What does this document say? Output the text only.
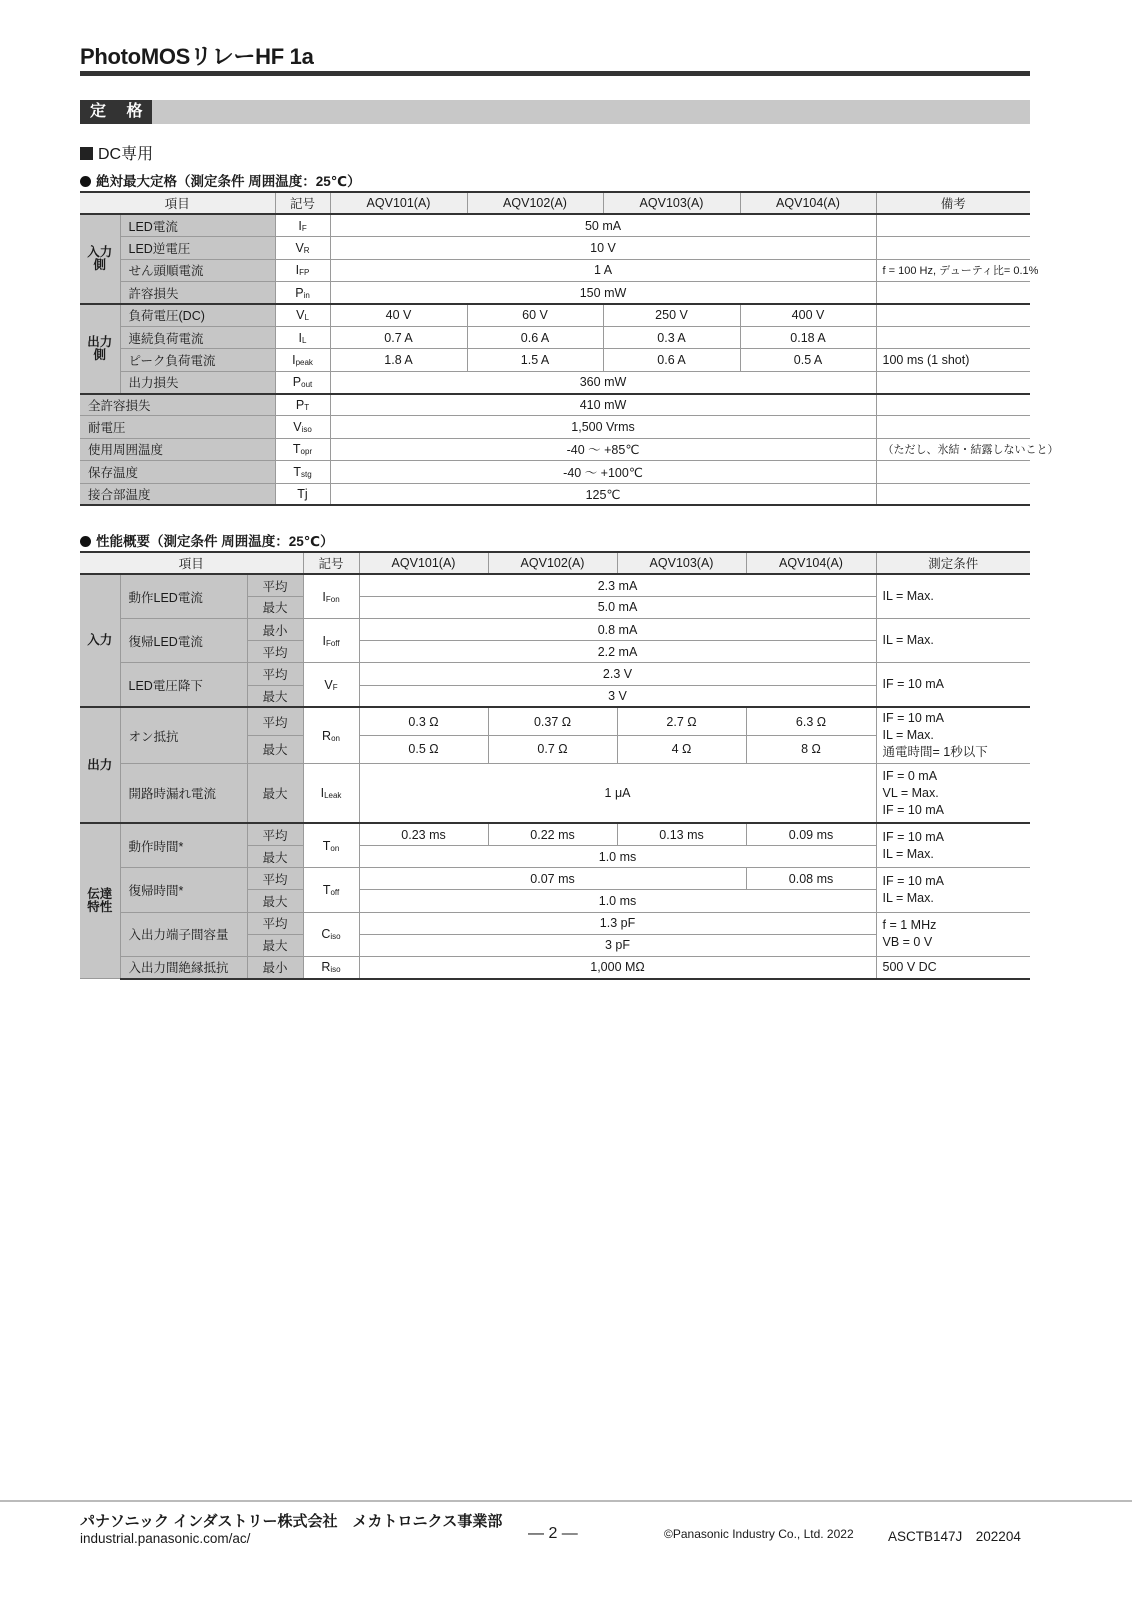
PhotoMOSリレーHF 1a
定 格
DC専用
絶対最大定格（測定条件 周囲温度：25℃）
項目		記号	AQV101(A)	AQV102(A)	AQV103(A)	AQV104(A)	備考
入力側	LED電流	$I_F$	50 mA				
	LED逆電圧	$V_R$	10 V				
	せん頭順電流	$I_{FP}$	1 A				f = 100 Hz, デューティ比= 0.1%
	許容損失	$P_{in}$	150 mW				
出力側	負荷電圧(DC)	$V_L$	40 V	60 V	250 V	400 V	
	連続負荷電流	$I_L$	0.7 A	0.6 A	0.3 A	0.18 A	
	ピーク負荷電流	$I_{peak}$	1.8 A	1.5 A	0.6 A	0.5 A	100 ms (1 shot)
	出力損失	$P_{out}$	360 mW				
全許容損失		$P_T$	410 mW				
耐電圧		$V_{iso}$	1,500 Vrms				
使用周囲温度		$T_{opr}$	-40 ～ +85℃				（ただし、氷結・結露しないこと）
保存温度		$T_{stg}$	-40 ～ +100℃				
接合部温度		Tj	125℃				
性能概要（測定条件 周囲温度：25℃）
項目			記号	AQV101(A)	AQV102(A)	AQV103(A)	AQV104(A)	測定条件
入力	動作LED電流	平均	$I_{Fon}$	2.3 mA				IL = Max.

		最大		5.0 mA				
	復帰LED電流	最小	$I_{Foff}$	0.8 mA				IL = Max.

		平均		2.2 mA				
	LED電圧降下	平均	$V_F$	2.3 V				IF = 10 mA

		最大		3 V				
出力	オン抵抗	平均	$R_{on}$	0.3 Ω	0.37 Ω	2.7 Ω	6.3 Ω	IF = 10 mA
IL = Max.
通電時間= 1秒以下

		最大		0.5 Ω	0.7 Ω	4 Ω	8 Ω	
	開路時漏れ電流	最大	$I_{Leak}$	1 μA				IF = 0 mA
VL = Max.
IF = 10 mA

伝達特性	動作時間*	平均	$T_{on}$	0.23 ms	0.22 ms	0.13 ms	0.09 ms	IF = 10 mA
IL = Max.

		最大		1.0 ms				
	復帰時間*	平均	$T_{off}$	0.07 ms			0.08 ms	IF = 10 mA
IL = Max.

		最大		1.0 ms				
	入出力端子間容量	平均	$C_{iso}$	1.3 pF				f = 1 MHz
VB = 0 V

		最大		3 pF				
	入出力間絶縁抵抗	最小	$R_{iso}$	1,000 MΩ				500 V DC
パナソニック インダストリー株式会社　メカトロニクス事業部
industrial.panasonic.com/ac/	— 2 —	©Panasonic Industry Co., Ltd. 2022	ASCTB147J　202204
